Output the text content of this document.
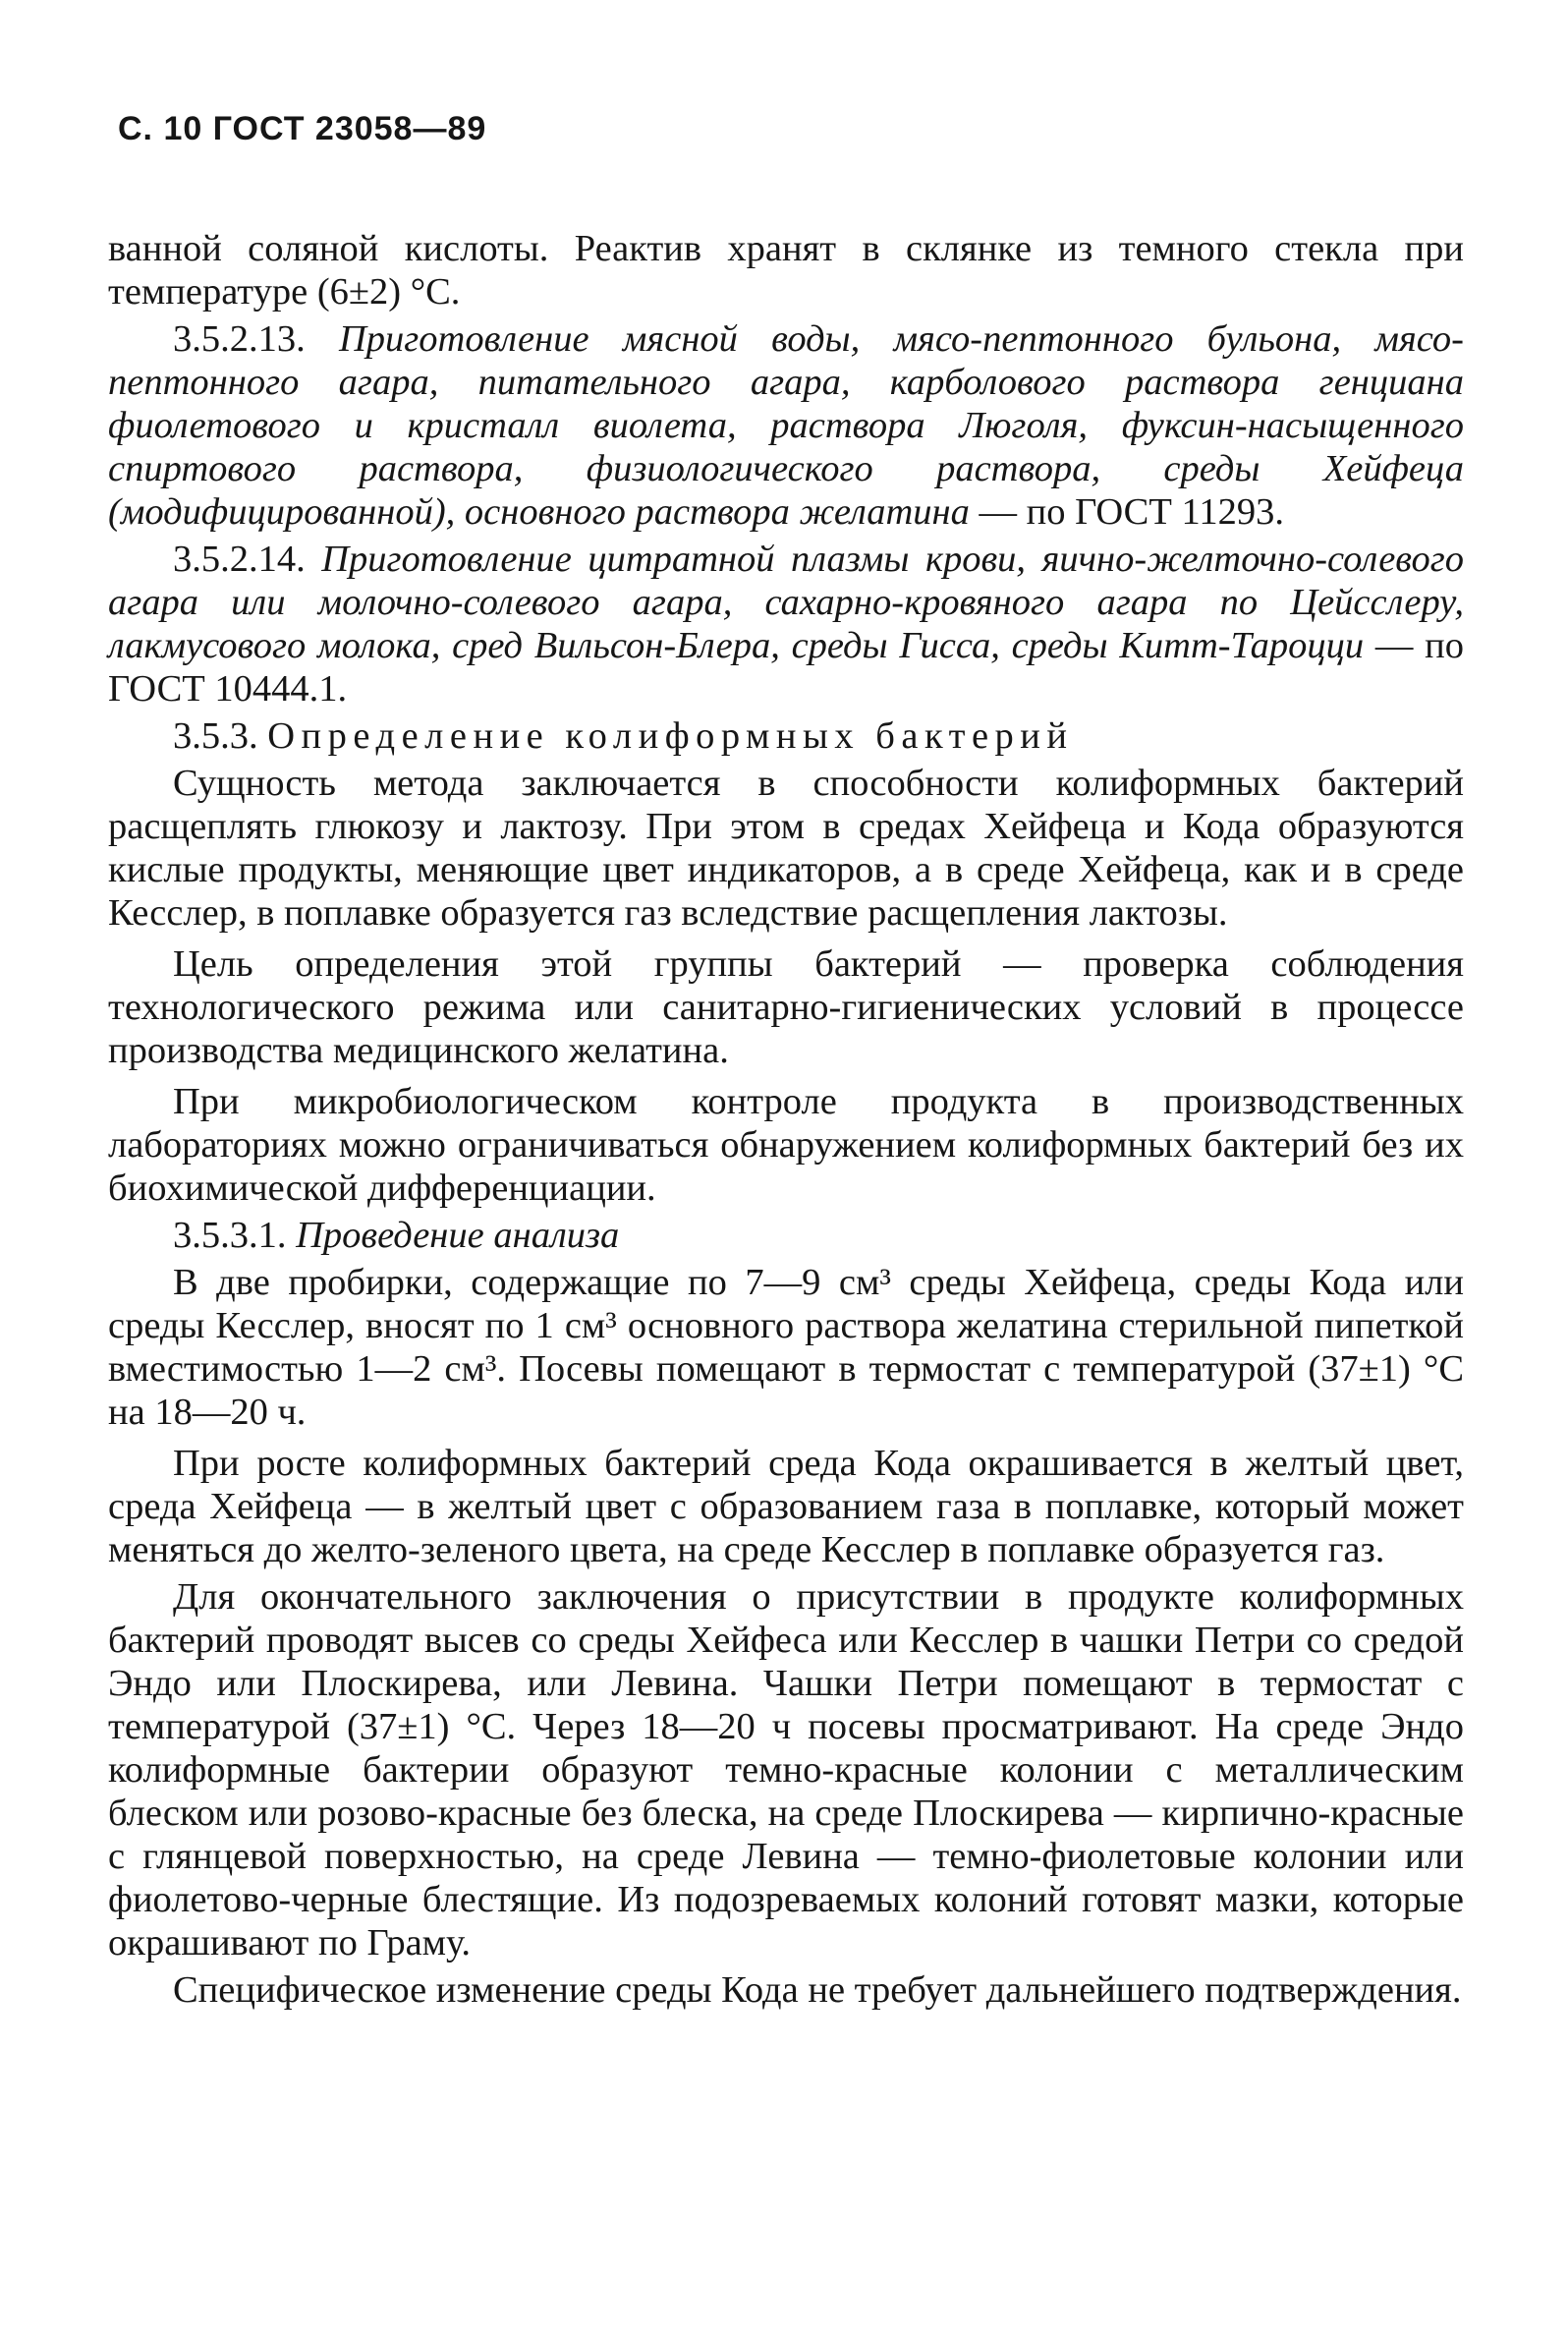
С. 10 ГОСТ 23058—89

ванной соляной кислоты. Реактив хранят в склянке из темного стекла при температуре (6±2) °С.

3.5.2.13. Приготовление мясной воды, мясо-пептонного бульона, мясо-пептонного агара, питательного агара, карболового раствора генциана фиолетового и кристалл виолета, раствора Люголя, фуксин-насыщенного спиртового раствора, физиологического раствора, среды Хейфеца (модифицированной), основного раствора желатина — по ГОСТ 11293.

3.5.2.14. Приготовление цитратной плазмы крови, яично-желточно-солевого агара или молочно-солевого агара, сахарно-кровяного агара по Цейсслеру, лакмусового молока, сред Вильсон-Блера, среды Гисса, среды Китт-Тароцци — по ГОСТ 10444.1.

3.5.3. Определение колиформных бактерий

Сущность метода заключается в способности колиформных бактерий расщеплять глюкозу и лактозу. При этом в средах Хейфеца и Кода образуются кислые продукты, меняющие цвет индикаторов, а в среде Хейфеца, как и в среде Кесслер, в поплавке образуется газ вследствие расщепления лактозы.

Цель определения этой группы бактерий — проверка соблюдения технологического режима или санитарно-гигиенических условий в процессе производства медицинского желатина.

При микробиологическом контроле продукта в производственных лабораториях можно ограничиваться обнаружением колиформных бактерий без их биохимической дифференциации.

3.5.3.1. Проведение анализа

В две пробирки, содержащие по 7—9 см³ среды Хейфеца, среды Кода или среды Кесслер, вносят по 1 см³ основного раствора желатина стерильной пипеткой вместимостью 1—2 см³. Посевы помещают в термостат с температурой (37±1) °С на 18—20 ч.

При росте колиформных бактерий среда Кода окрашивается в желтый цвет, среда Хейфеца — в желтый цвет с образованием газа в поплавке, который может меняться до желто-зеленого цвета, на среде Кесслер в поплавке образуется газ.

Для окончательного заключения о присутствии в продукте колиформных бактерий проводят высев со среды Хейфеса или Кесслер в чашки Петри со средой Эндо или Плоскирева, или Левина. Чашки Петри помещают в термостат с температурой (37±1) °С. Через 18—20 ч посевы просматривают. На среде Эндо колиформные бактерии образуют темно-красные колонии с металлическим блеском или розово-красные без блеска, на среде Плоскирева — кирпично-красные с глянцевой поверхностью, на среде Левина — темно-фиолетовые колонии или фиолетово-черные блестящие. Из подозреваемых колоний готовят мазки, которые окрашивают по Граму.

Специфическое изменение среды Кода не требует дальнейшего подтверждения.
